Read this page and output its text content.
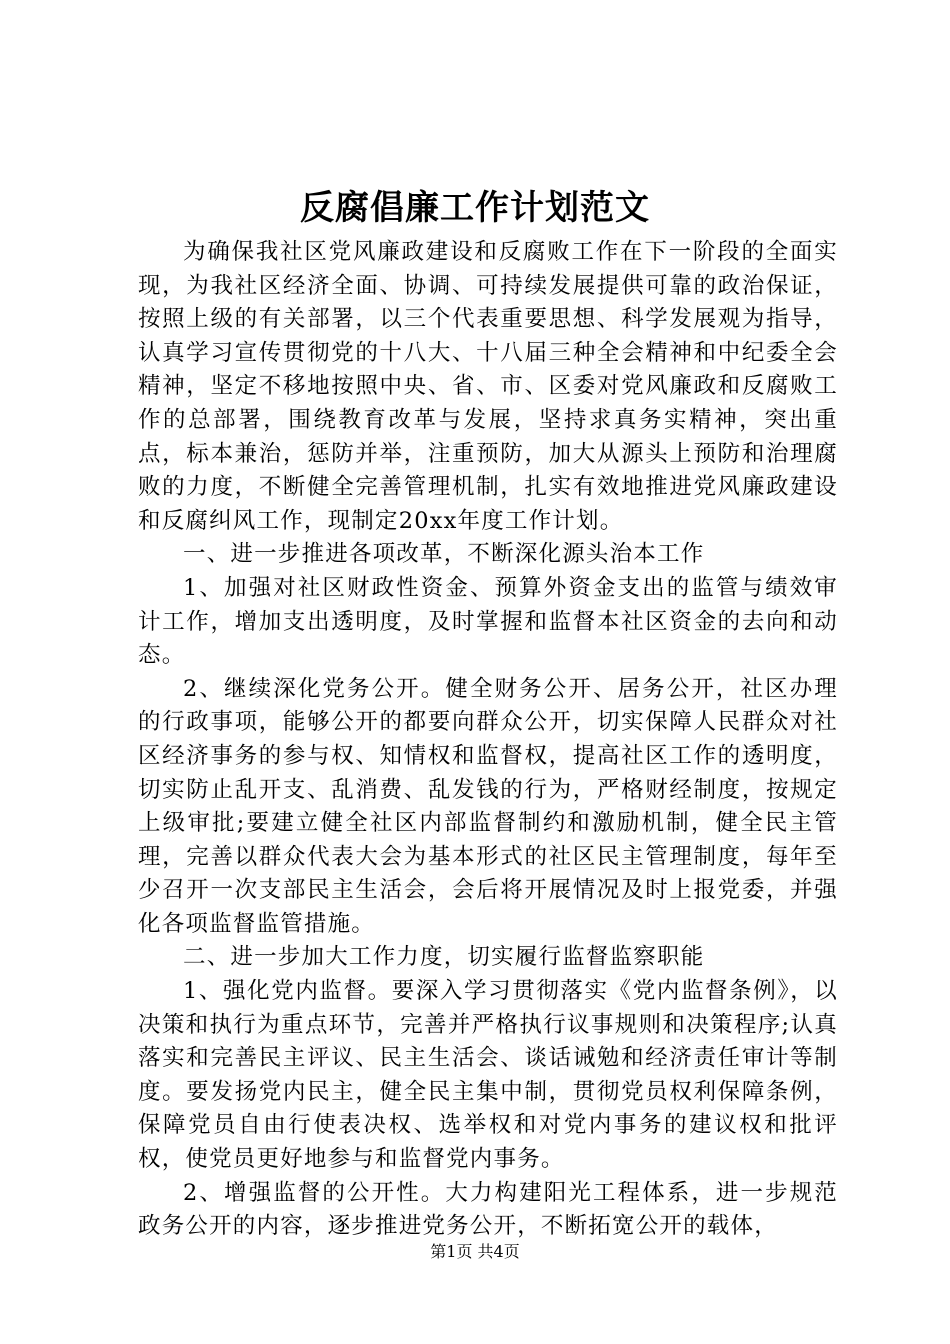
反腐倡廉工作计划范文

为确保我社区党风廉政建设和反腐败工作在下一阶段的全面实现，为我社区经济全面、协调、可持续发展提供可靠的政治保证，按照上级的有关部署，以三个代表重要思想、科学发展观为指导，认真学习宣传贯彻党的十八大、十八届三种全会精神和中纪委全会精神，坚定不移地按照中央、省、市、区委对党风廉政和反腐败工作的总部署，围绕教育改革与发展，坚持求真务实精神，突出重点，标本兼治，惩防并举，注重预防，加大从源头上预防和治理腐败的力度，不断健全完善管理机制，扎实有效地推进党风廉政建设和反腐纠风工作，现制定20xx年度工作计划。

一、进一步推进各项改革，不断深化源头治本工作

1、加强对社区财政性资金、预算外资金支出的监管与绩效审计工作，增加支出透明度，及时掌握和监督本社区资金的去向和动态。

2、继续深化党务公开。健全财务公开、居务公开，社区办理的行政事项，能够公开的都要向群众公开，切实保障人民群众对社区经济事务的参与权、知情权和监督权，提高社区工作的透明度，切实防止乱开支、乱消费、乱发钱的行为，严格财经制度，按规定上级审批;要建立健全社区内部监督制约和激励机制，健全民主管理，完善以群众代表大会为基本形式的社区民主管理制度，每年至少召开一次支部民主生活会，会后将开展情况及时上报党委，并强化各项监督监管措施。

二、进一步加大工作力度，切实履行监督监察职能

1、强化党内监督。要深入学习贯彻落实《党内监督条例》，以决策和执行为重点环节，完善并严格执行议事规则和决策程序;认真落实和完善民主评议、民主生活会、谈话诫勉和经济责任审计等制度。要发扬党内民主，健全民主集中制，贯彻党员权利保障条例，保障党员自由行使表决权、选举权和对党内事务的建议权和批评权，使党员更好地参与和监督党内事务。

2、增强监督的公开性。大力构建阳光工程体系，进一步规范政务公开的内容，逐步推进党务公开，不断拓宽公开的载体，

第1页 共4页
